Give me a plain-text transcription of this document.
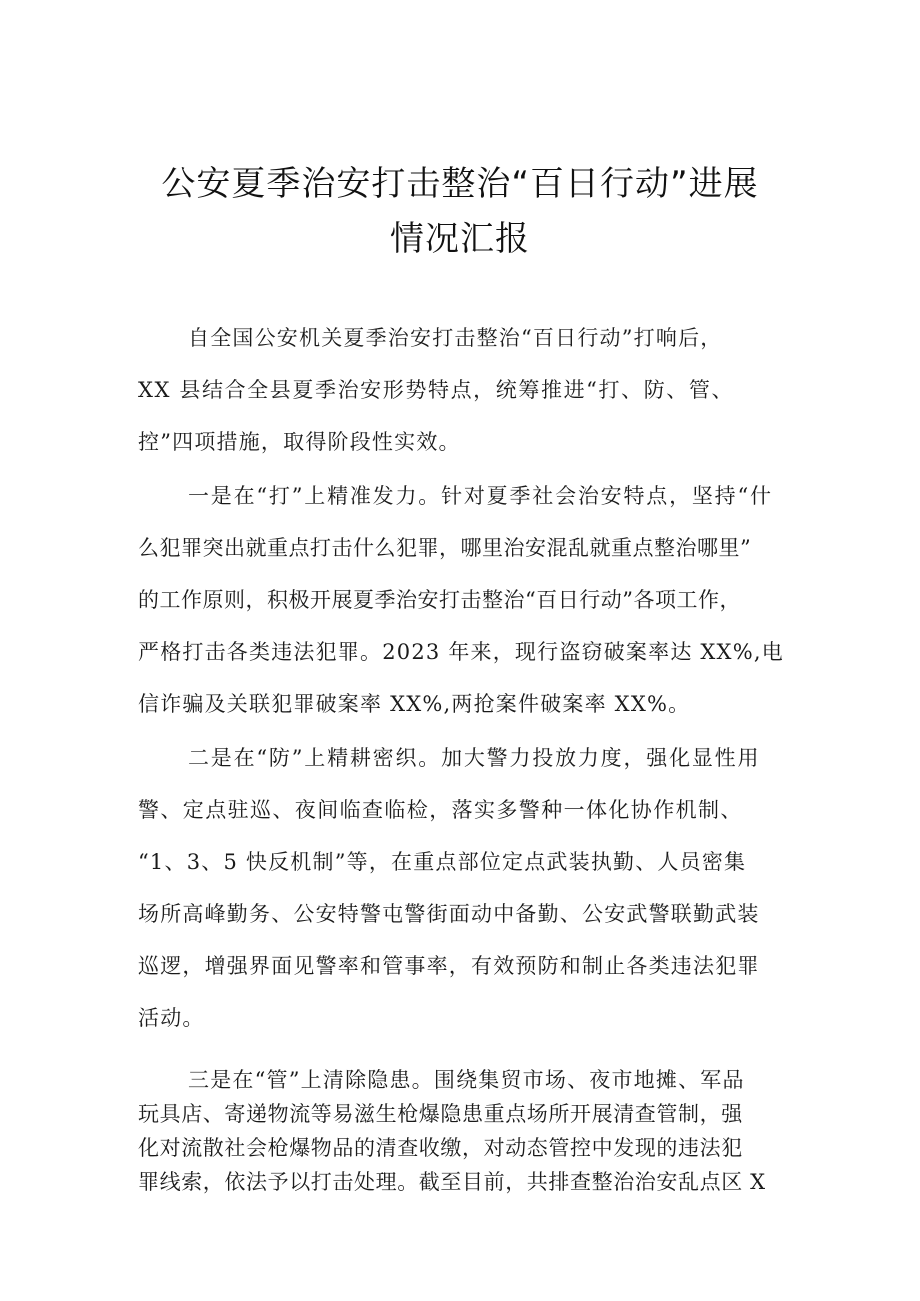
公安夏季治安打击整治“百日行动”进展
情况汇报

自全国公安机关夏季治安打击整治“百日行动”打响后，

XX 县结合全县夏季治安形势特点，统筹推进“打、防、管、

控”四项措施，取得阶段性实效。

一是在“打”上精准发力。针对夏季社会治安特点，坚持“什

么犯罪突出就重点打击什么犯罪，哪里治安混乱就重点整治哪里”

的工作原则，积极开展夏季治安打击整治“百日行动”各项工作，

严格打击各类违法犯罪。2023 年来，现行盗窃破案率达 XX%,电

信诈骗及关联犯罪破案率 XX%,两抢案件破案率 XX%。

二是在“防”上精耕密织。加大警力投放力度，强化显性用

警、定点驻巡、夜间临查临检，落实多警种一体化协作机制、

“1、3、5 快反机制”等，在重点部位定点武装执勤、人员密集

场所高峰勤务、公安特警屯警街面动中备勤、公安武警联勤武装

巡逻，增强界面见警率和管事率，有效预防和制止各类违法犯罪

活动。

三是在“管”上清除隐患。围绕集贸市场、夜市地摊、军品

玩具店、寄递物流等易滋生枪爆隐患重点场所开展清查管制，强

化对流散社会枪爆物品的清查收缴，对动态管控中发现的违法犯

罪线索，依法予以打击处理。截至目前，共排查整治治安乱点区 X
